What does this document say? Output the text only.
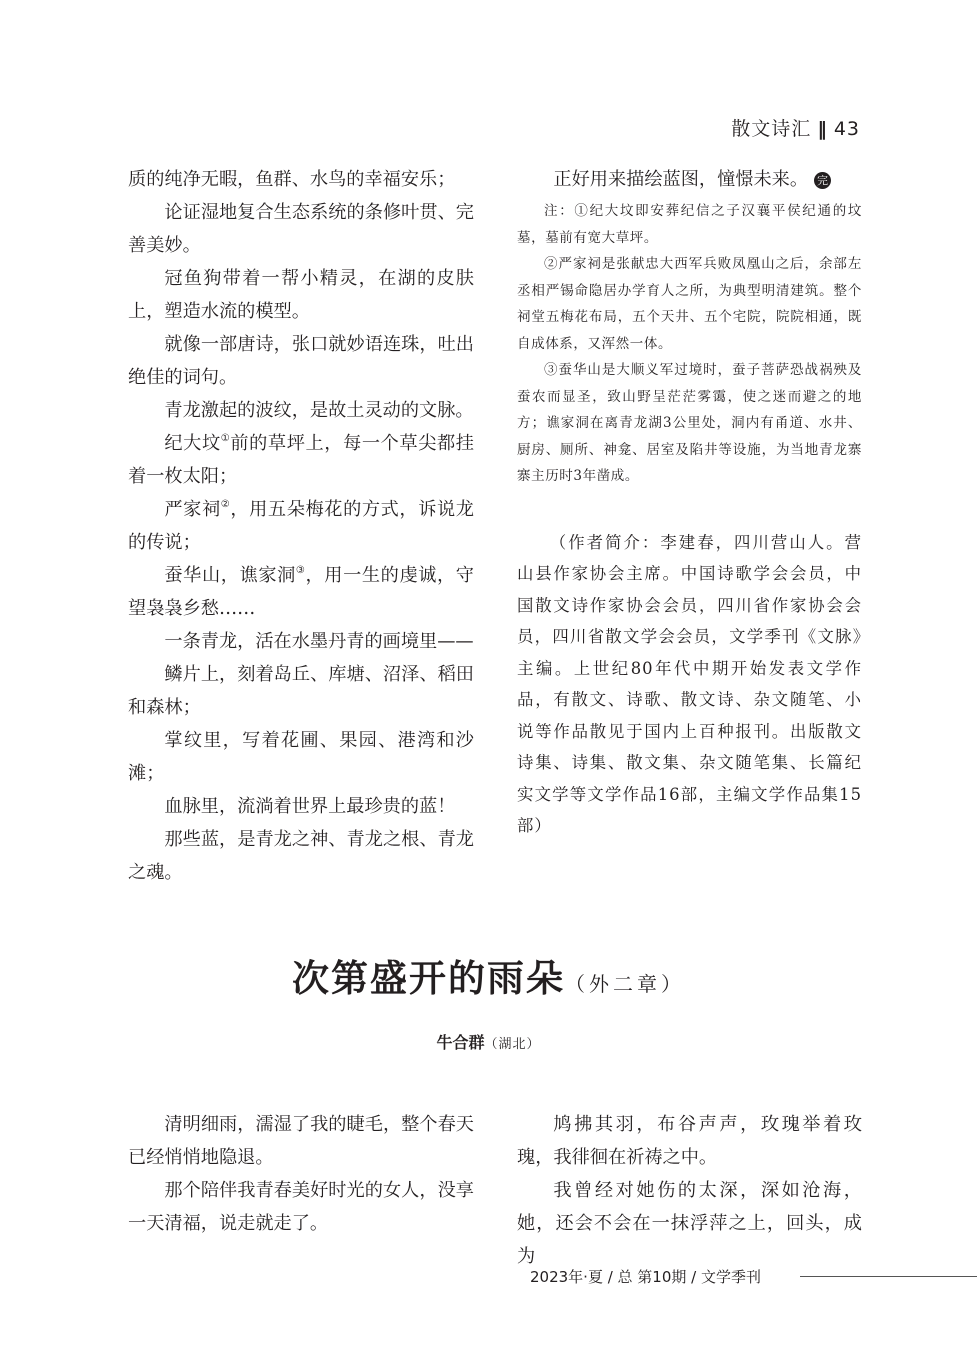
散文诗汇 ‖ 43

质的纯净无暇，鱼群、水鸟的幸福安乐；

论证湿地复合生态系统的条修叶贯、完善美妙。

冠鱼狗带着一帮小精灵，在湖的皮肤上，塑造水流的模型。

就像一部唐诗，张口就妙语连珠，吐出绝佳的词句。

青龙激起的波纹，是故土灵动的文脉。

纪大坟①前的草坪上，每一个草尖都挂着一枚太阳；

严家祠②，用五朵梅花的方式，诉说龙的传说；

蚕华山，谯家洞③，用一生的虔诚，守望袅袅乡愁……

一条青龙，活在水墨丹青的画境里——

鳞片上，刻着岛丘、库塘、沼泽、稻田和森林；

掌纹里，写着花圃、果园、港湾和沙滩；

血脉里，流淌着世界上最珍贵的蓝！

那些蓝，是青龙之神、青龙之根、青龙之魂。

正好用来描绘蓝图，憧憬未来。 完

注：①纪大坟即安葬纪信之子汉襄平侯纪通的坟墓，墓前有宽大草坪。

②严家祠是张献忠大西军兵败凤凰山之后，余部左丞相严锡命隐居办学育人之所，为典型明清建筑。整个祠堂五梅花布局，五个天井、五个宅院，院院相通，既自成体系，又浑然一体。

③蚕华山是大顺义军过境时，蚕子菩萨恐战祸殃及蚕农而显圣，致山野呈茫茫雾霭，使之迷而避之的地方；谯家洞在离青龙湖3公里处，洞内有甬道、水井、厨房、厕所、神龛、居室及陷井等设施，为当地青龙寨寨主历时3年凿成。

（作者简介：李建春，四川营山人。营山县作家协会主席。中国诗歌学会会员，中国散文诗作家协会会员，四川省作家协会会员，四川省散文学会会员，文学季刊《文脉》主编。上世纪80年代中期开始发表文学作品，有散文、诗歌、散文诗、杂文随笔、小说等作品散见于国内上百种报刊。出版散文诗集、诗集、散文集、杂文随笔集、长篇纪实文学等文学作品16部，主编文学作品集15部）

次第盛开的雨朵（外二章）
牛合群（湖北）

清明细雨，濡湿了我的睫毛，整个春天已经悄悄地隐退。

那个陪伴我青春美好时光的女人，没享一天清福，说走就走了。

鸠拂其羽，布谷声声，玫瑰举着玫瑰，我徘徊在祈祷之中。

我曾经对她伤的太深，深如沧海，她，还会不会在一抹浮萍之上，回头，成为

2023年·夏 / 总 第10期 / 文学季刊
